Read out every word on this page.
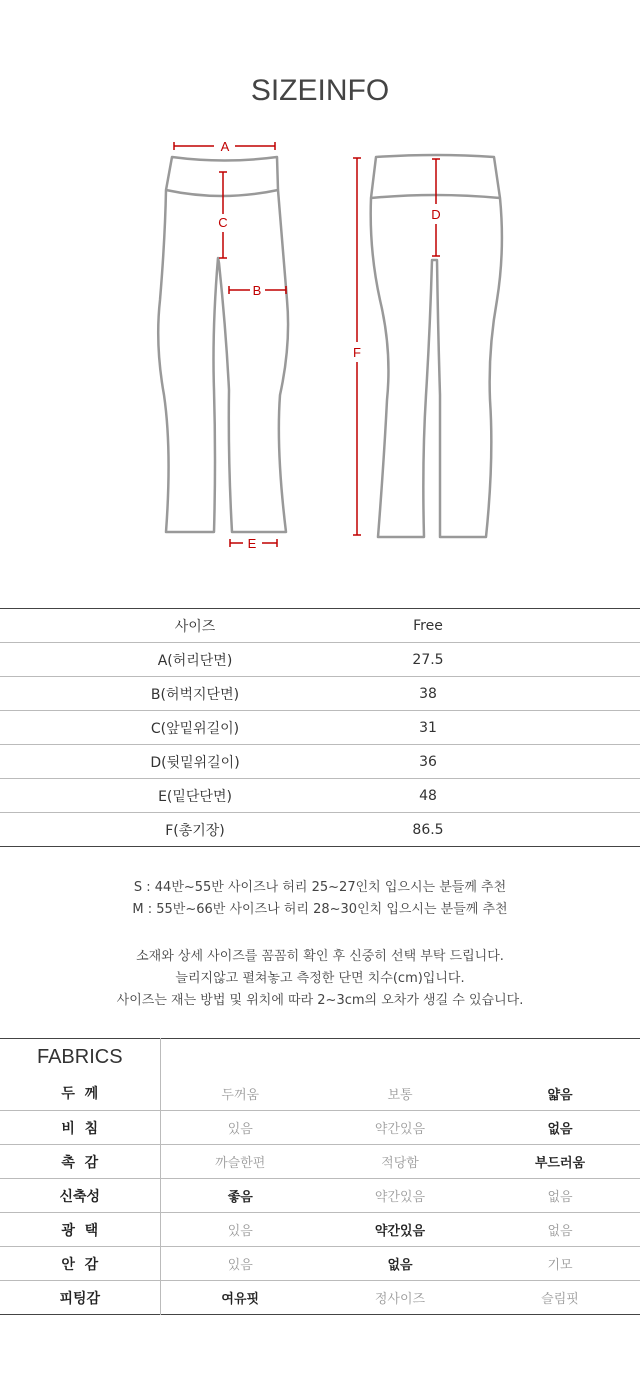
SIZEINFO
A
C
B
E
D
F
사이즈	Free
A(허리단면)	27.5
B(허벅지단면)	38
C(앞밑위길이)	31
D(뒷밑위길이)	36
E(밑단단면)	48
F(총기장)	86.5
S : 44반~55반 사이즈나 허리 25~27인치 입으시는 분들께 추천
M : 55반~66반 사이즈나 허리 28~30인치 입으시는 분들께 추천
소재와 상세 사이즈를 꼼꼼히 확인 후 신중히 선택 부탁 드립니다.
늘리지않고 펼쳐놓고 측정한 단면 치수(cm)입니다.
사이즈는 재는 방법 및 위치에 따라 2~3cm의 오차가 생길 수 있습니다.
FABRICS			
두  께	두꺼움	보통	얇음
비  침	있음	약간있음	없음
촉  감	까슬한편	적당함	부드러움
신축성	좋음	약간있음	없음
광  택	있음	약간있음	없음
안  감	있음	없음	기모
피팅감	여유핏	정사이즈	슬림핏
